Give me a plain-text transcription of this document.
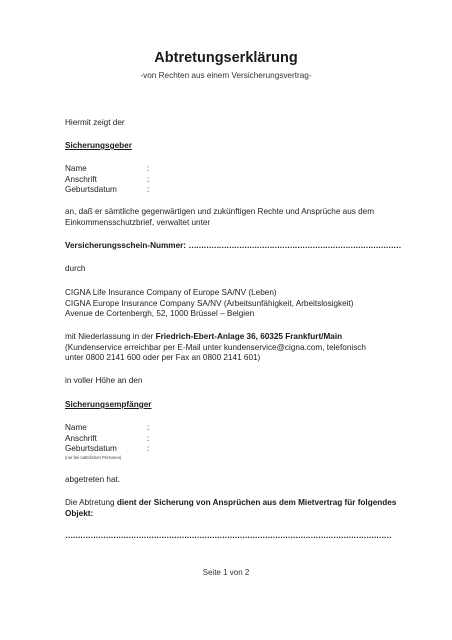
Abtretungserklärung
-von Rechten aus einem Versicherungsvertrag-
Hiermit zeigt der
Sicherungsgeber
Name	:
Anschrift	:
Geburtsdatum	:
an, daß er sämtliche gegenwärtigen und zukünftigen Rechte und Ansprüche aus dem
Einkommensschutzbrief, verwaltet unter
Versicherungsschein-Nummer: …………………………………………………………………………
durch
CIGNA Life Insurance Company of Europe SA/NV (Leben)
CIGNA Europe Insurance Company SA/NV (Arbeitsunfähigkeit, Arbeitslosigkeit)
Avenue de Cortenbergh, 52, 1000 Brüssel – Belgien
mit Niederlassung in der Friedrich-Ebert-Anlage 36, 60325 Frankfurt/Main
(Kundenservice erreichbar per E-Mail unter kundenservice@cigna.com, telefonisch
unter 0800 2141 600 oder per Fax an 0800 2141 601)
in voller Höhe an den
Sicherungsempfänger
Name	:
Anschrift	:
Geburtsdatum	:
(nur bei natürlichen Personen)
abgetreten hat.
Die Abtretung dient der Sicherung von Ansprüchen aus dem Mietvertrag für folgendes
Objekt:
…………………………………………………………………………………………………………………
Seite 1 von 2
